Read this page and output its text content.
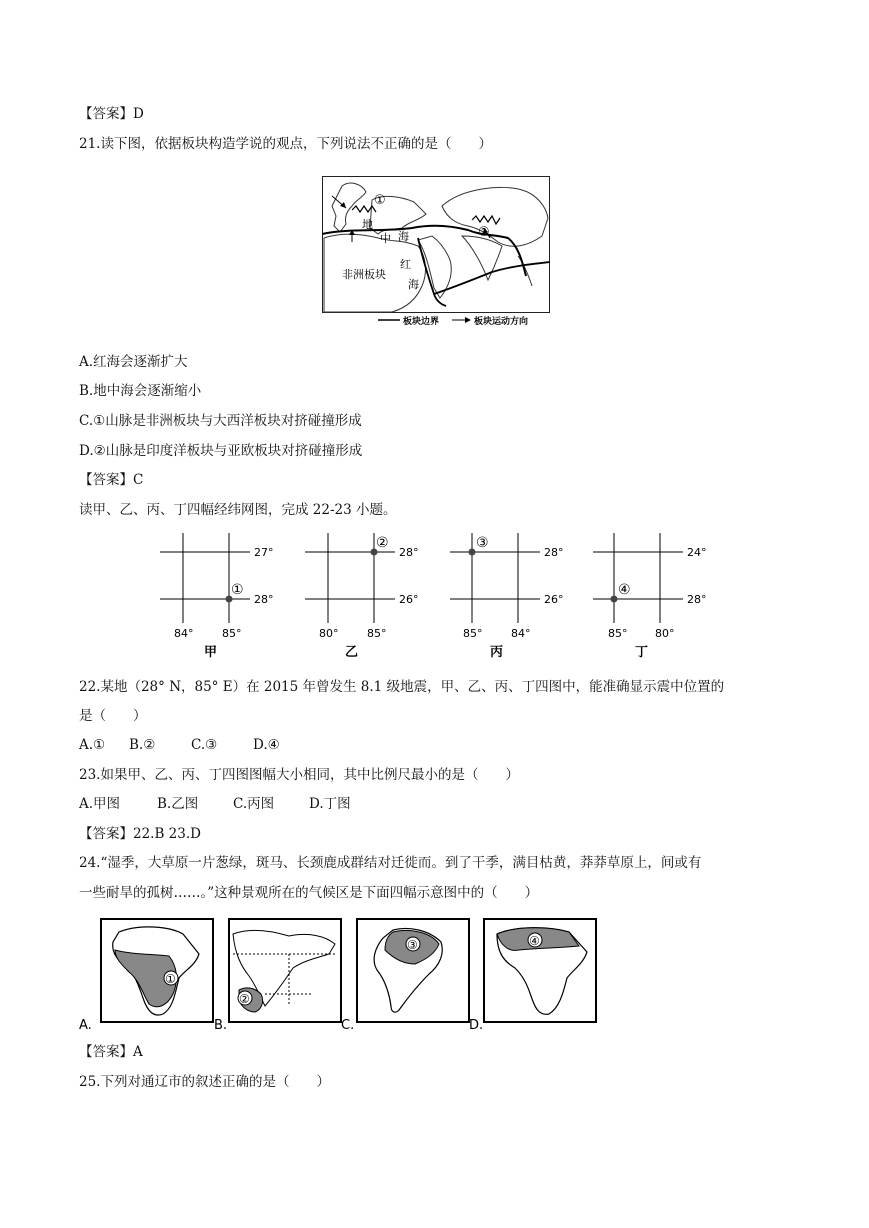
【答案】D
21.读下图，依据板块构造学说的观点，下列说法不正确的是（　　）
①
②
地
中 海
非洲板块
红
海
板块边界	板块运动方向
A.红海会逐渐扩大
B.地中海会逐渐缩小
C.①山脉是非洲板块与大西洋板块对挤碰撞形成
D.②山脉是印度洋板块与亚欧板块对挤碰撞形成
【答案】C
读甲、乙、丙、丁四幅经纬网图，完成 22-23 小题。
①
27°
28°
84°	85°
甲
②
28°
26°
80°	85°
乙
③
28°
26°
85°	84°
丙
④
24°
28°
85°	80°
丁
22.某地（28° N，85° E）在 2015 年曾发生 8.1 级地震，甲、乙、丙、丁四图中，能准确显示震中位置的
是（　　）
A.① B.②	C.③	D.④
23.如果甲、乙、丙、丁四图图幅大小相同，其中比例尺最小的是（　　）
A.甲图	B.乙图	C.丙图	D.丁图
【答案】22.B 23.D
24.“湿季，大草原一片葱绿，斑马、长颈鹿成群结对迁徙而。到了干季，满目枯黄，莽莽草原上，间或有
一些耐旱的孤树……。”这种景观所在的气候区是下面四幅示意图中的（　　）
①
A.
②
B.
③
C.
④
D.
【答案】A
25.下列对通辽市的叙述正确的是（　　）
